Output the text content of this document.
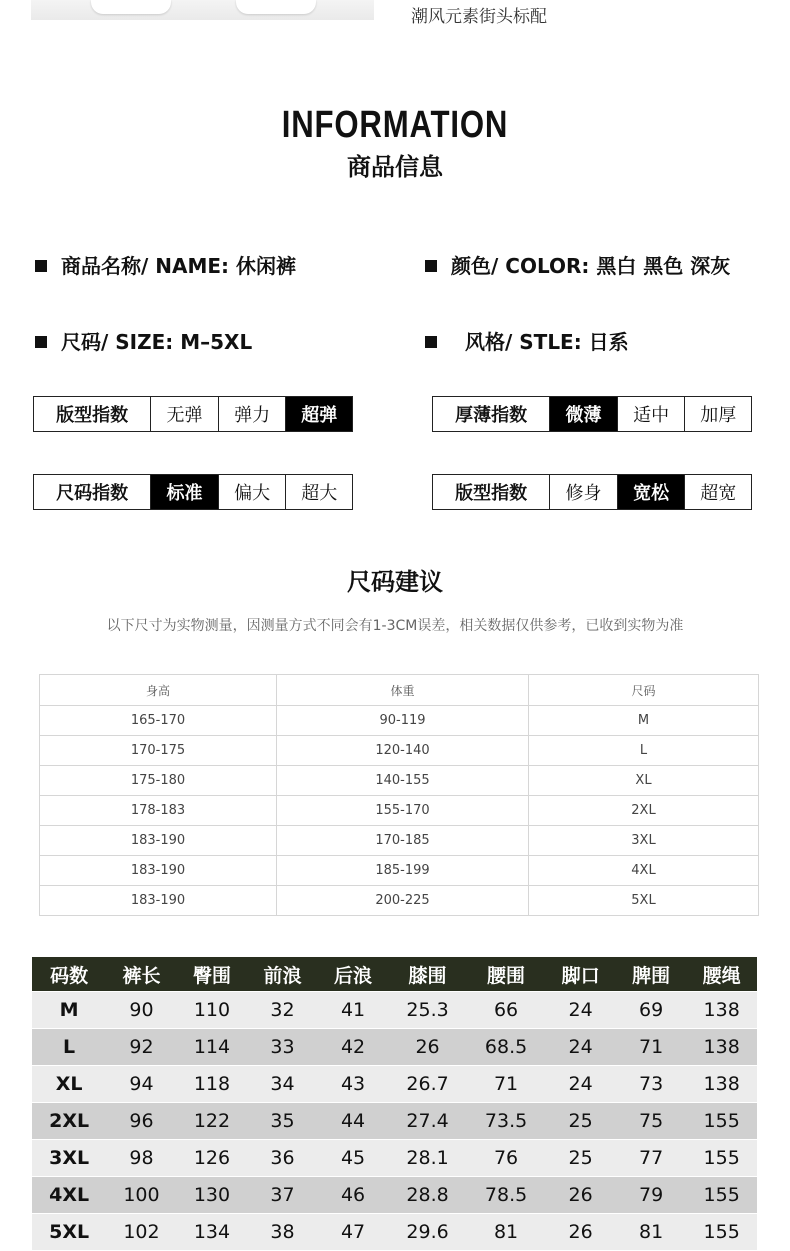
潮风元素街头标配
INFORMATION
商品信息
商品名称/ NAME: 休闲裤	颜色/ COLOR: 黑白 黑色 深灰
尺码/ SIZE: M–5XL	风格/ STLE: 日系
版型指数	无弹	弹力	超弹	厚薄指数	微薄	适中	加厚
尺码指数	标准	偏大	超大	版型指数	修身	宽松	超宽
尺码建议
以下尺寸为实物测量，因测量方式不同会有1-3CM误差，相关数据仅供参考，已收到实物为准
身高	体重	尺码
165-170	90-119	M
170-175	120-140	L
175-180	140-155	XL
178-183	155-170	2XL
183-190	170-185	3XL
183-190	185-199	4XL
183-190	200-225	5XL
码数	裤长	臀围	前浪	后浪	膝围	腰围	脚口	脾围	腰绳
M	90	110	32	41	25.3	66	24	69	138
L	92	114	33	42	26	68.5	24	71	138
XL	94	118	34	43	26.7	71	24	73	138
2XL	96	122	35	44	27.4	73.5	25	75	155
3XL	98	126	36	45	28.1	76	25	77	155
4XL	100	130	37	46	28.8	78.5	26	79	155
5XL	102	134	38	47	29.6	81	26	81	155
